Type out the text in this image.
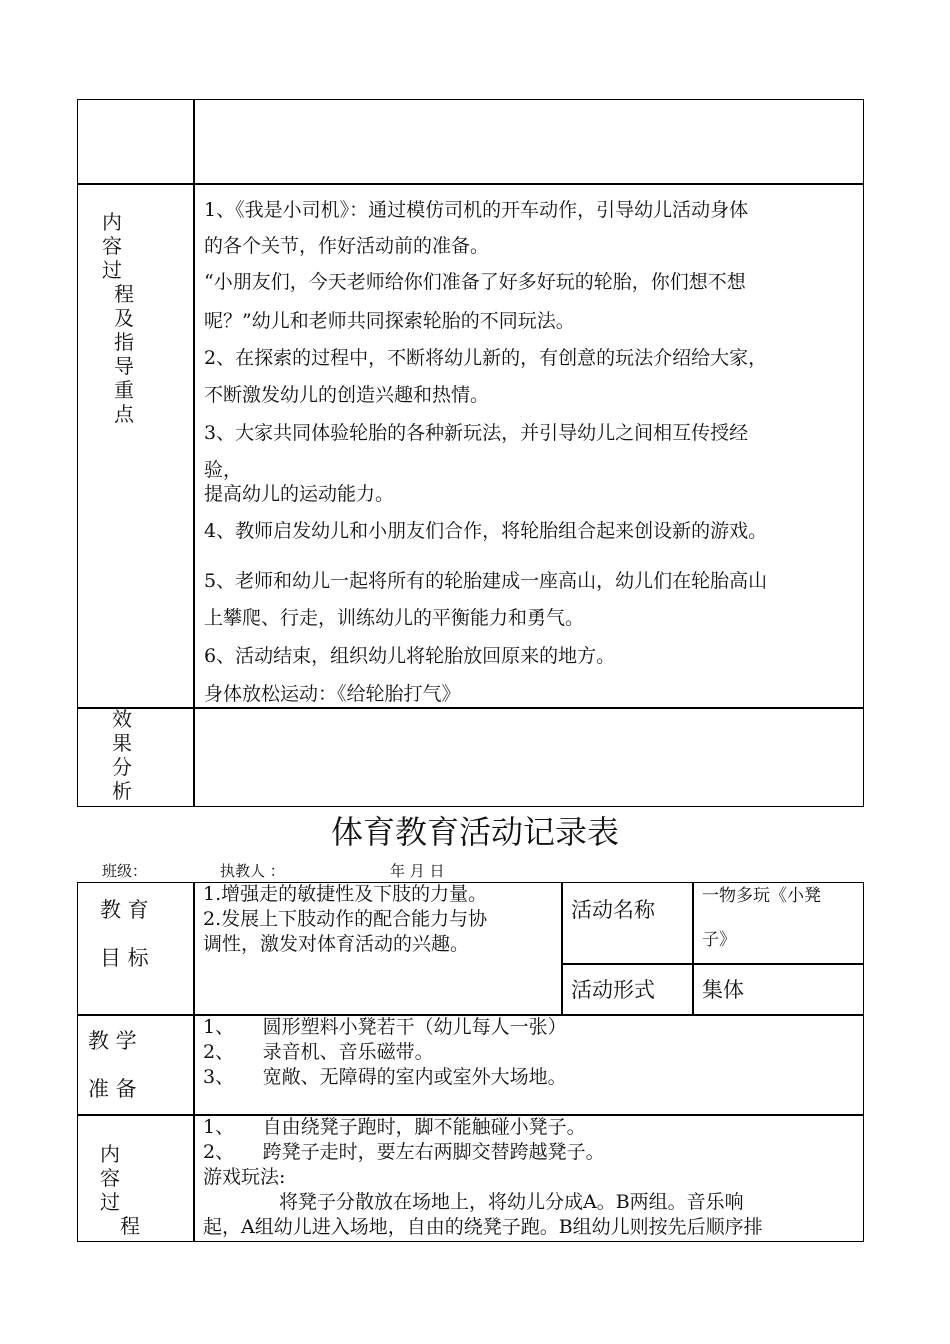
内
容
过
程
及
指
导
重
点
1、《我是小司机》：通过模仿司机的开车动作，引导幼儿活动身体
的各个关节，作好活动前的准备。
“小朋友们，今天老师给你们准备了好多好玩的轮胎，你们想不想
呢？”幼儿和老师共同探索轮胎的不同玩法。
2、在探索的过程中，不断将幼儿新的，有创意的玩法介绍给大家，
不断激发幼儿的创造兴趣和热情。
3、大家共同体验轮胎的各种新玩法，并引导幼儿之间相互传授经
验，
提高幼儿的运动能力。
4、教师启发幼儿和小朋友们合作，将轮胎组合起来创设新的游戏。
5、老师和幼儿一起将所有的轮胎建成一座高山，幼儿们在轮胎高山
上攀爬、行走，训练幼儿的平衡能力和勇气。
6、活动结束，组织幼儿将轮胎放回原来的地方。
身体放松运动：《给轮胎打气》
效
果
分
析
体育教育活动记录表
班级：	执教人 ：	年 月 日
教 育
目 标
1.增强走的敏捷性及下肢的力量。
2.发展上下肢动作的配合能力与协
调性，激发对体育活动的兴趣。
活动名称
一物多玩《小凳
子》
活动形式 集体
教 学
准 备
1、　　圆形塑料小凳若干（幼儿每人一张）
2、　　录音机、音乐磁带。
3、　　宽敞、无障碍的室内或室外大场地。
内
容
过
程
1、　　自由绕凳子跑时，脚不能触碰小凳子。
2、　　跨凳子走时，要左右两脚交替跨越凳子。
游戏玩法:
　　　　将凳子分散放在场地上，将幼儿分成A。B两组。音乐响
起，A组幼儿进入场地，自由的绕凳子跑。B组幼儿则按先后顺序排
